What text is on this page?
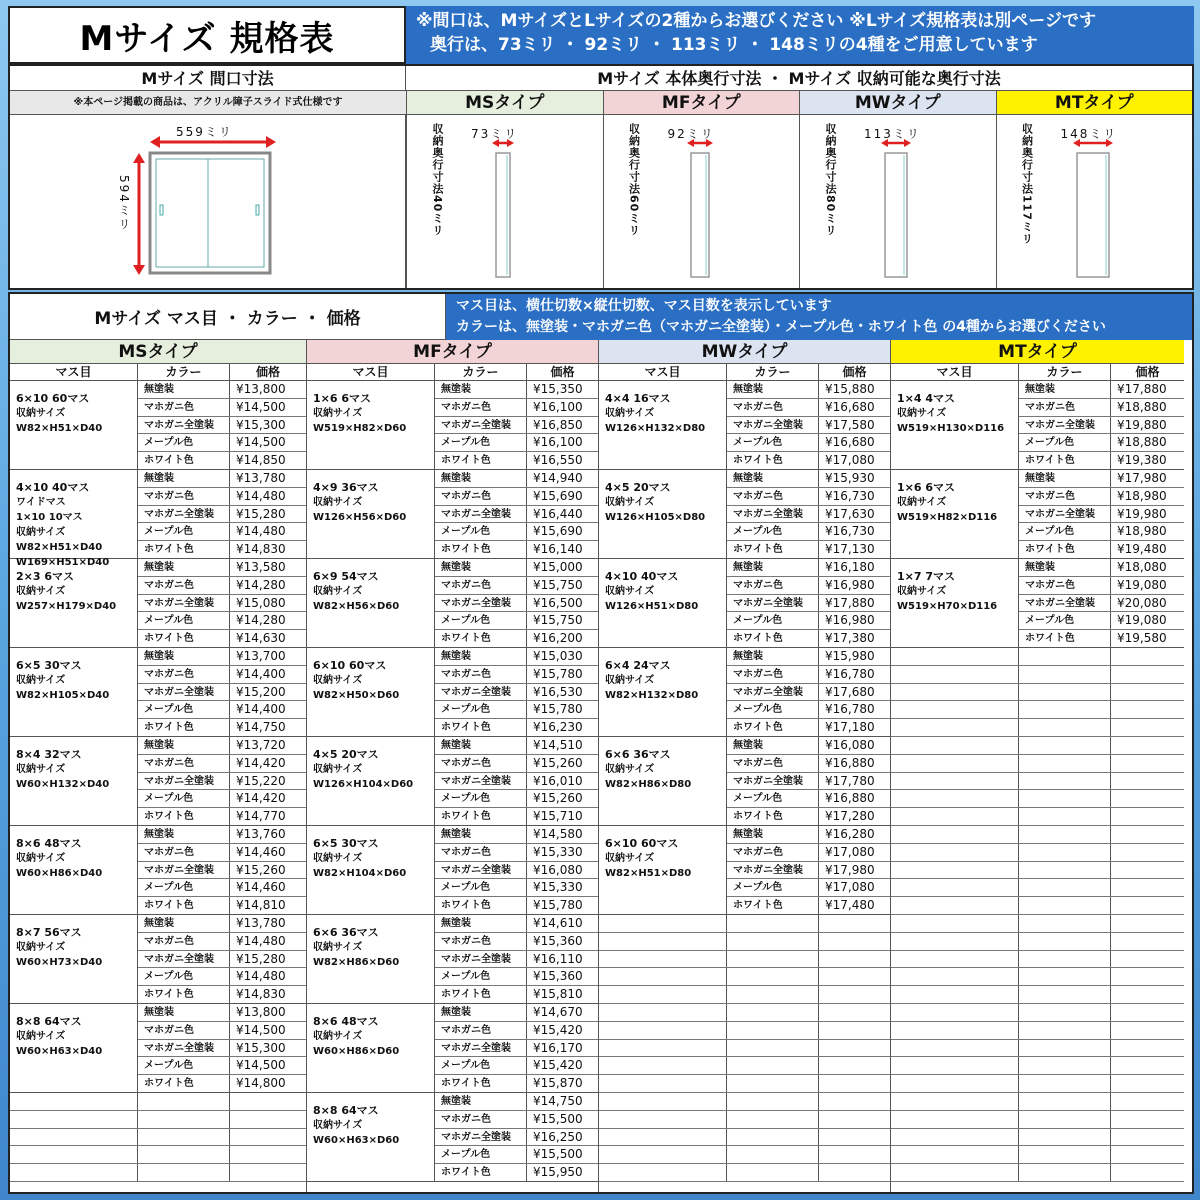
Mサイズ 規格表	※間口は、MサイズとLサイズの2種からお選びください ※Lサイズ規格表は別ページです
奥行は、73ミリ ・ 92ミリ ・ 113ミリ ・ 148ミリの4種をご用意しています
Mサイズ 間口寸法	Mサイズ 本体奥行寸法 ・ Mサイズ 収納可能な奥行寸法
※本ページ掲載の商品は、アクリル障子スライド式仕様です
559ミリ
594ミリ
MSタイプ
収納奥行寸法40ミリ 73ミリ
MFタイプ
収納奥行寸法60ミリ 92ミリ
MWタイプ
収納奥行寸法80ミリ 113ミリ
MTタイプ
収納奥行寸法117ミリ 148ミリ
Mサイズ マス目 ・ カラー ・ 価格
マス目は、横仕切数×縦仕切数、マス目数を表示しています
カラーは、無塗装・マホガニ色（マホガニ全塗装）・メープル色・ホワイト色 の4種からお選びください
MSタイプ
マス目	カラー	価格
6×10 60マス
収納サイズ
W82×H51×D40
無塗装	¥13,800
マホガニ色	¥14,500
マホガニ全塗装	¥15,300
メープル色	¥14,500
ホワイト色	¥14,850
4×10 40マス
ワイドマス
1×10 10マス
収納サイズ
W82×H51×D40
W169×H51×D40
無塗装	¥13,780
マホガニ色	¥14,480
マホガニ全塗装	¥15,280
メープル色	¥14,480
ホワイト色	¥14,830
2×3 6マス
収納サイズ
W257×H179×D40
無塗装	¥13,580
マホガニ色	¥14,280
マホガニ全塗装	¥15,080
メープル色	¥14,280
ホワイト色	¥14,630
6×5 30マス
収納サイズ
W82×H105×D40
無塗装	¥13,700
マホガニ色	¥14,400
マホガニ全塗装	¥15,200
メープル色	¥14,400
ホワイト色	¥14,750
8×4 32マス
収納サイズ
W60×H132×D40
無塗装	¥13,720
マホガニ色	¥14,420
マホガニ全塗装	¥15,220
メープル色	¥14,420
ホワイト色	¥14,770
8×6 48マス
収納サイズ
W60×H86×D40
無塗装	¥13,760
マホガニ色	¥14,460
マホガニ全塗装	¥15,260
メープル色	¥14,460
ホワイト色	¥14,810
8×7 56マス
収納サイズ
W60×H73×D40
無塗装	¥13,780
マホガニ色	¥14,480
マホガニ全塗装	¥15,280
メープル色	¥14,480
ホワイト色	¥14,830
8×8 64マス
収納サイズ
W60×H63×D40
無塗装	¥13,800
マホガニ色	¥14,500
マホガニ全塗装	¥15,300
メープル色	¥14,500
ホワイト色	¥14,800
MFタイプ
マス目	カラー	価格
1×6 6マス
収納サイズ
W519×H82×D60
無塗装	¥15,350
マホガニ色	¥16,100
マホガニ全塗装	¥16,850
メープル色	¥16,100
ホワイト色	¥16,550
4×9 36マス
収納サイズ
W126×H56×D60
無塗装	¥14,940
マホガニ色	¥15,690
マホガニ全塗装	¥16,440
メープル色	¥15,690
ホワイト色	¥16,140
6×9 54マス
収納サイズ
W82×H56×D60
無塗装	¥15,000
マホガニ色	¥15,750
マホガニ全塗装	¥16,500
メープル色	¥15,750
ホワイト色	¥16,200
6×10 60マス
収納サイズ
W82×H50×D60
無塗装	¥15,030
マホガニ色	¥15,780
マホガニ全塗装	¥16,530
メープル色	¥15,780
ホワイト色	¥16,230
4×5 20マス
収納サイズ
W126×H104×D60
無塗装	¥14,510
マホガニ色	¥15,260
マホガニ全塗装	¥16,010
メープル色	¥15,260
ホワイト色	¥15,710
6×5 30マス
収納サイズ
W82×H104×D60
無塗装	¥14,580
マホガニ色	¥15,330
マホガニ全塗装	¥16,080
メープル色	¥15,330
ホワイト色	¥15,780
6×6 36マス
収納サイズ
W82×H86×D60
無塗装	¥14,610
マホガニ色	¥15,360
マホガニ全塗装	¥16,110
メープル色	¥15,360
ホワイト色	¥15,810
8×6 48マス
収納サイズ
W60×H86×D60
無塗装	¥14,670
マホガニ色	¥15,420
マホガニ全塗装	¥16,170
メープル色	¥15,420
ホワイト色	¥15,870
8×8 64マス
収納サイズ
W60×H63×D60
無塗装	¥14,750
マホガニ色	¥15,500
マホガニ全塗装	¥16,250
メープル色	¥15,500
ホワイト色	¥15,950
MWタイプ
マス目	カラー	価格
4×4 16マス
収納サイズ
W126×H132×D80
無塗装	¥15,880
マホガニ色	¥16,680
マホガニ全塗装	¥17,580
メープル色	¥16,680
ホワイト色	¥17,080
4×5 20マス
収納サイズ
W126×H105×D80
無塗装	¥15,930
マホガニ色	¥16,730
マホガニ全塗装	¥17,630
メープル色	¥16,730
ホワイト色	¥17,130
4×10 40マス
収納サイズ
W126×H51×D80
無塗装	¥16,180
マホガニ色	¥16,980
マホガニ全塗装	¥17,880
メープル色	¥16,980
ホワイト色	¥17,380
6×4 24マス
収納サイズ
W82×H132×D80
無塗装	¥15,980
マホガニ色	¥16,780
マホガニ全塗装	¥17,680
メープル色	¥16,780
ホワイト色	¥17,180
6×6 36マス
収納サイズ
W82×H86×D80
無塗装	¥16,080
マホガニ色	¥16,880
マホガニ全塗装	¥17,780
メープル色	¥16,880
ホワイト色	¥17,280
6×10 60マス
収納サイズ
W82×H51×D80
無塗装	¥16,280
マホガニ色	¥17,080
マホガニ全塗装	¥17,980
メープル色	¥17,080
ホワイト色	¥17,480
MTタイプ
マス目	カラー	価格
1×4 4マス
収納サイズ
W519×H130×D116
無塗装	¥17,880
マホガニ色	¥18,880
マホガニ全塗装	¥19,880
メープル色	¥18,880
ホワイト色	¥19,380
1×6 6マス
収納サイズ
W519×H82×D116
無塗装	¥17,980
マホガニ色	¥18,980
マホガニ全塗装	¥19,980
メープル色	¥18,980
ホワイト色	¥19,480
1×7 7マス
収納サイズ
W519×H70×D116
無塗装	¥18,080
マホガニ色	¥19,080
マホガニ全塗装	¥20,080
メープル色	¥19,080
ホワイト色	¥19,580
